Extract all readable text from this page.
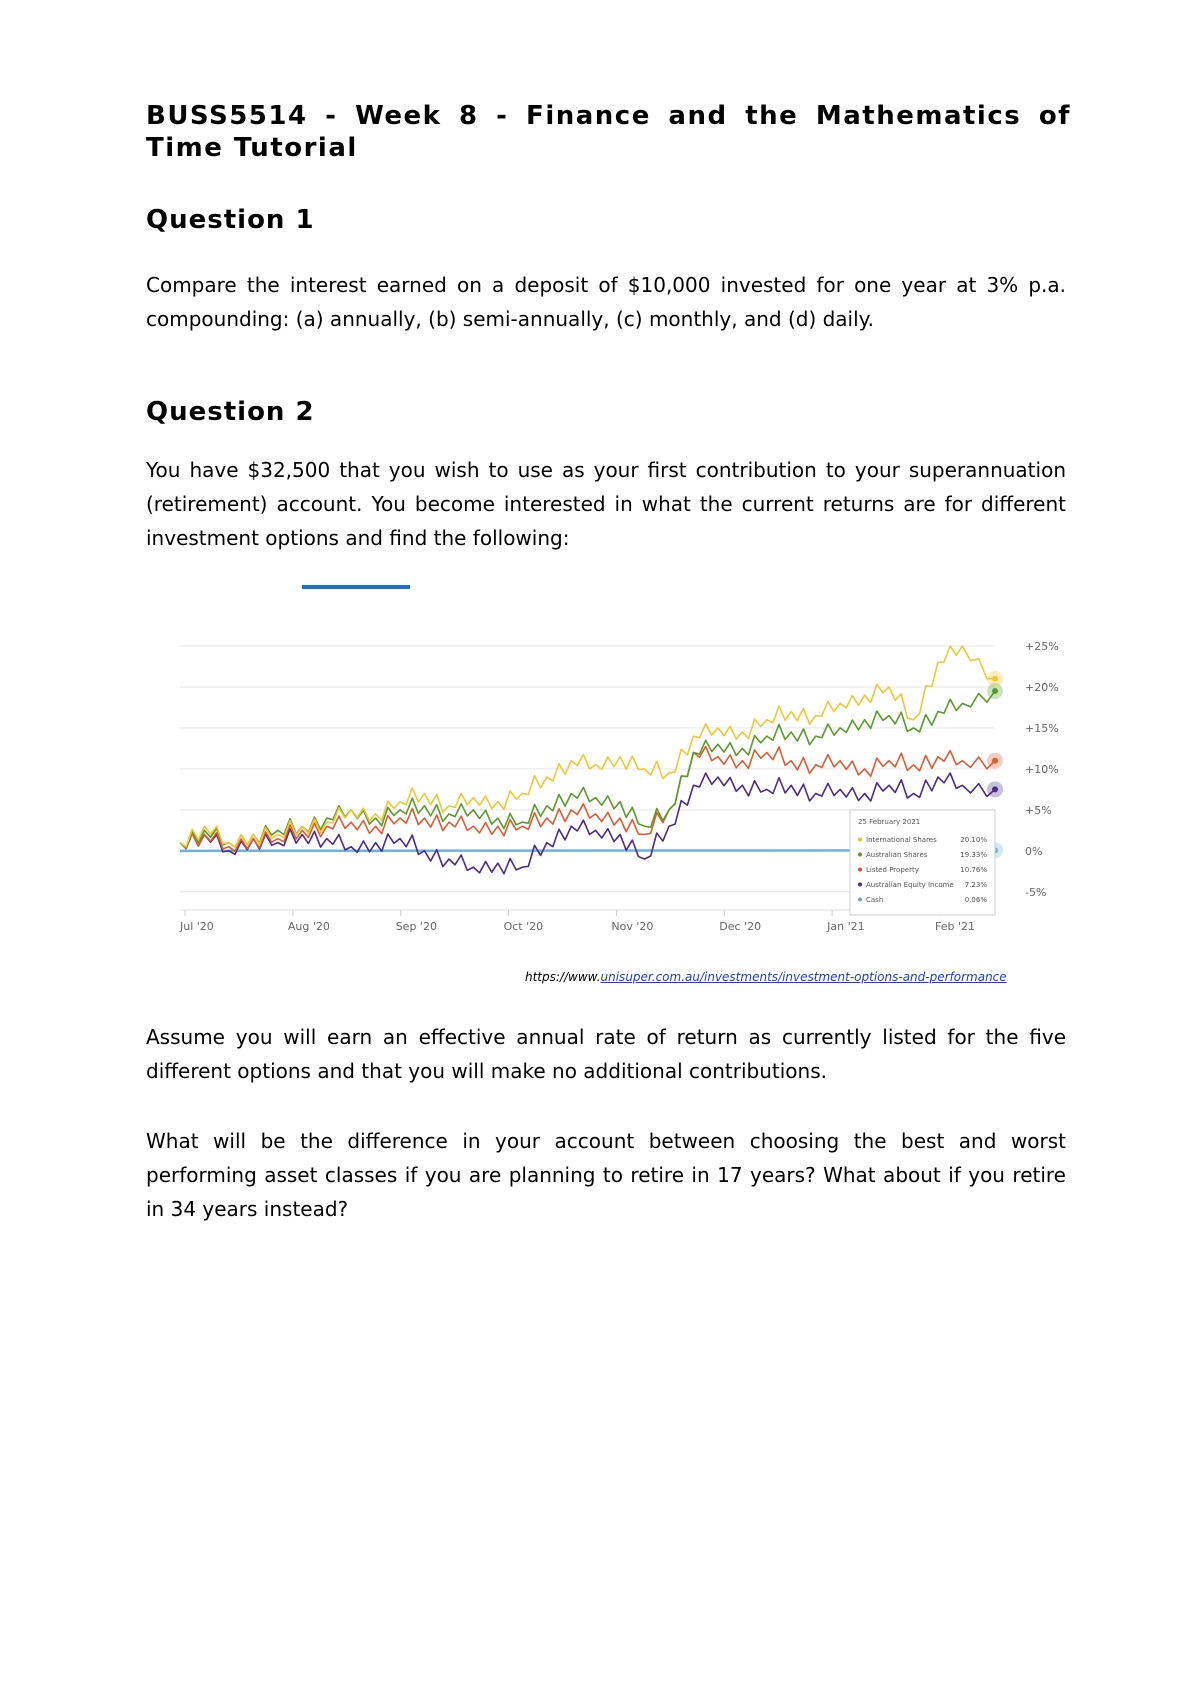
BUSS5514 - Week 8 - Finance and the Mathematics of Time Tutorial
Question 1

Compare the interest earned on a deposit of $10,000 invested for one year at 3% p.a. compounding: (a) annually, (b) semi-annually, (c) monthly, and (d) daily.

Question 2

You have $32,500 that you wish to use as your first contribution to your superannuation (retirement) account. You become interested in what the current returns are for different investment options and find the following:

+25%
+20%
+15%
+10%
+5%
0%
-5%
Jul '20	Aug '20	Sep '20	Oct '20	Nov '20	Dec '20	Jan '21	Feb '21
25 February 2021
International Shares	20.10%
Australian Shares	19.33%
Listed Property	10.76%
Australian Equity Income 7.23%
Cash	0.06%
https://www.unisuper.com.au/investments/investment-options-and-performance

Assume you will earn an effective annual rate of return as currently listed for the five different options and that you will make no additional contributions.

What will be the difference in your account between choosing the best and worst performing asset classes if you are planning to retire in 17 years? What about if you retire in 34 years instead?
